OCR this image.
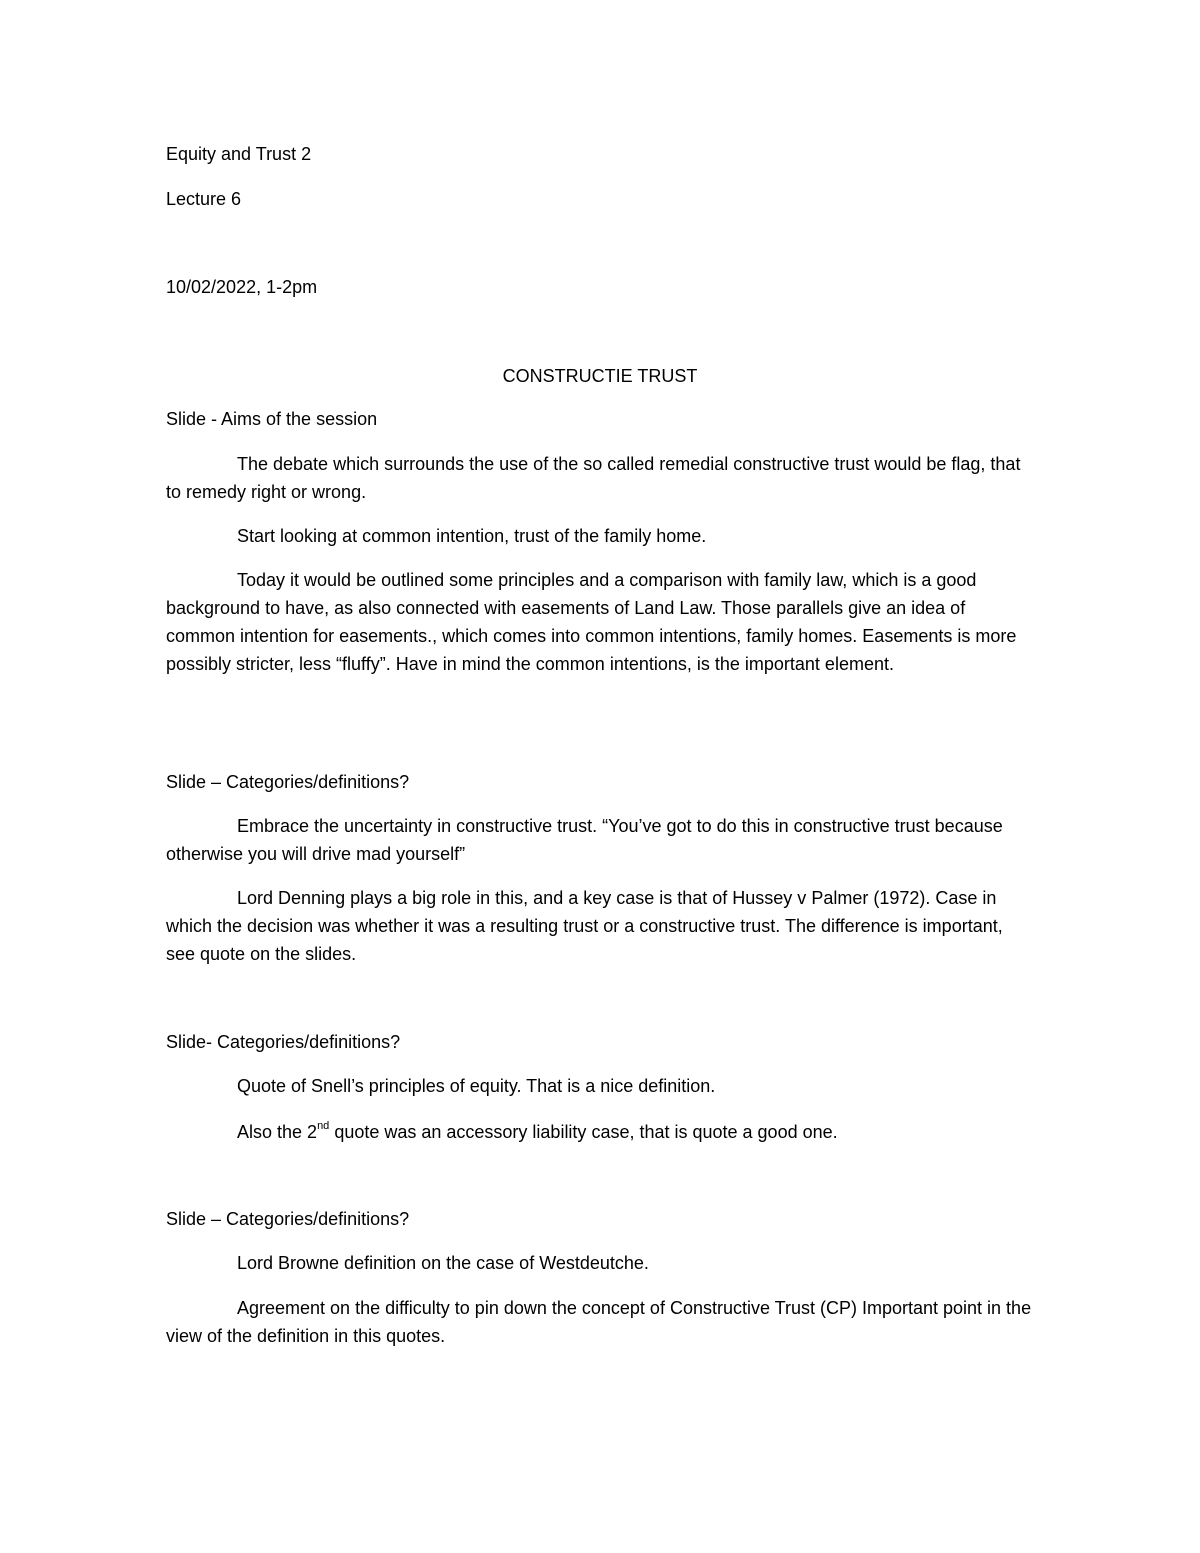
Equity and Trust 2

Lecture 6

10/02/2022, 1-2pm

CONSTRUCTIE TRUST

Slide - Aims of the session

The debate which surrounds the use of the so called remedial constructive trust would be flag, that to remedy right or wrong.

Start looking at common intention, trust of the family home.

Today it would be outlined some principles and a comparison with family law, which is a good background to have, as also connected with easements of Land Law. Those parallels give an idea of common intention for easements., which comes into common intentions, family homes. Easements is more possibly stricter, less “fluffy”. Have in mind the common intentions, is the important element.

Slide – Categories/definitions?

Embrace the uncertainty in constructive trust. “You’ve got to do this in constructive trust because otherwise you will drive mad yourself”

Lord Denning plays a big role in this, and a key case is that of Hussey v Palmer (1972). Case in which the decision was whether it was a resulting trust or a constructive trust. The difference is important, see quote on the slides.

Slide- Categories/definitions?

Quote of Snell’s principles of equity. That is a nice definition.

Also the 2nd quote was an accessory liability case, that is quote a good one.

Slide – Categories/definitions?

Lord Browne definition on the case of Westdeutche.

Agreement on the difficulty to pin down the concept of Constructive Trust (CP) Important point in the view of the definition in this quotes.
